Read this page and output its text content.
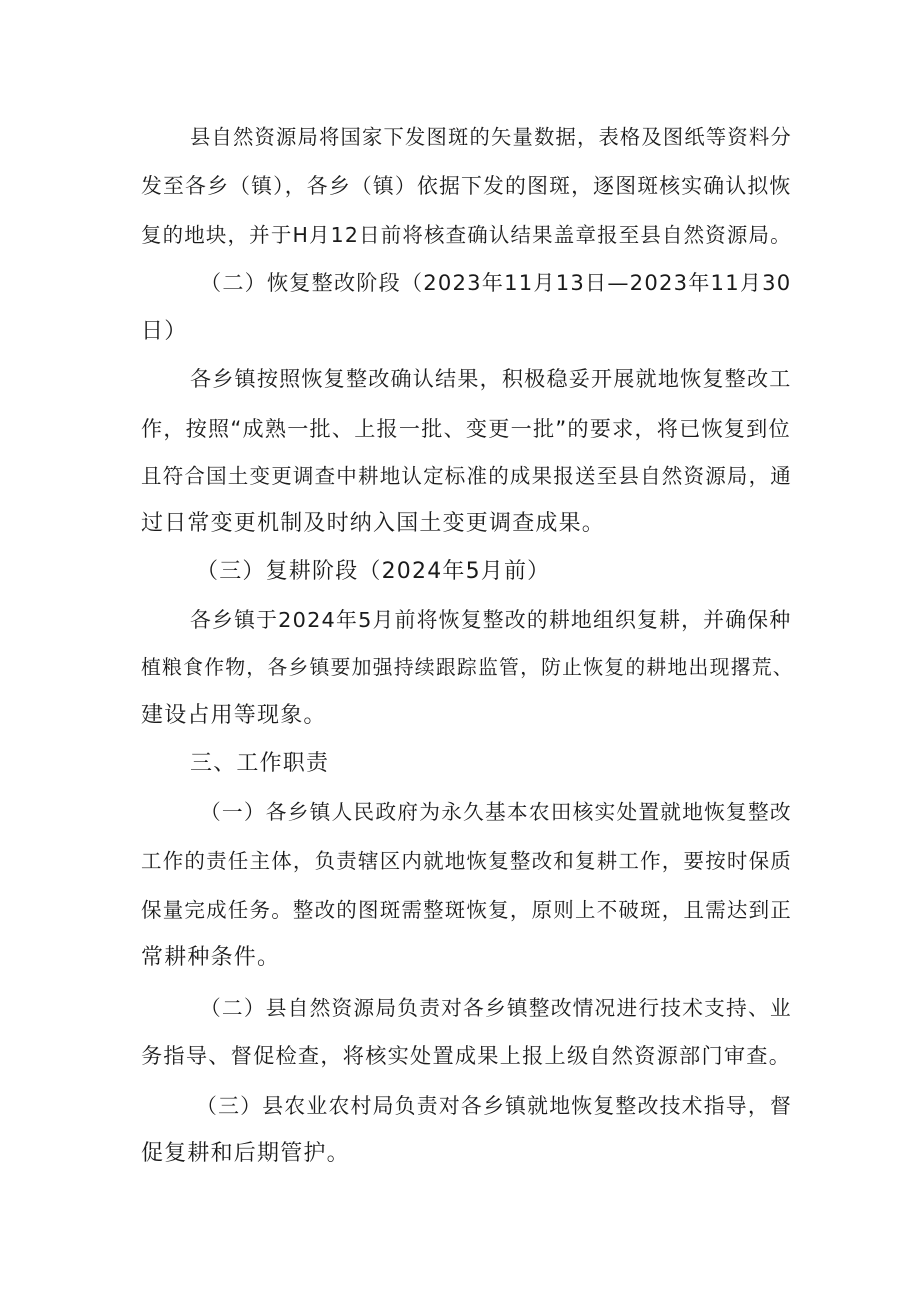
县自然资源局将国家下发图斑的矢量数据，表格及图纸等资料分
发至各乡（镇），各乡（镇）依据下发的图斑，逐图斑核实确认拟恢
复的地块，并于H月12日前将核查确认结果盖章报至县自然资源局。
（二）恢复整改阶段（2023年11月13日—2023年11月30
日）
各乡镇按照恢复整改确认结果，积极稳妥开展就地恢复整改工
作，按照“成熟一批、上报一批、变更一批”的要求，将已恢复到位
且符合国土变更调查中耕地认定标准的成果报送至县自然资源局，通
过日常变更机制及时纳入国土变更调查成果。
（三）复耕阶段（2024年5月前）
各乡镇于2024年5月前将恢复整改的耕地组织复耕，并确保种
植粮食作物，各乡镇要加强持续跟踪监管，防止恢复的耕地出现撂荒、
建设占用等现象。
三、工作职责
（一）各乡镇人民政府为永久基本农田核实处置就地恢复整改
工作的责任主体，负责辖区内就地恢复整改和复耕工作，要按时保质
保量完成任务。整改的图斑需整斑恢复，原则上不破斑，且需达到正
常耕种条件。
（二）县自然资源局负责对各乡镇整改情况进行技术支持、业
务指导、督促检查，将核实处置成果上报上级自然资源部门审查。
（三）县农业农村局负责对各乡镇就地恢复整改技术指导，督
促复耕和后期管护。
